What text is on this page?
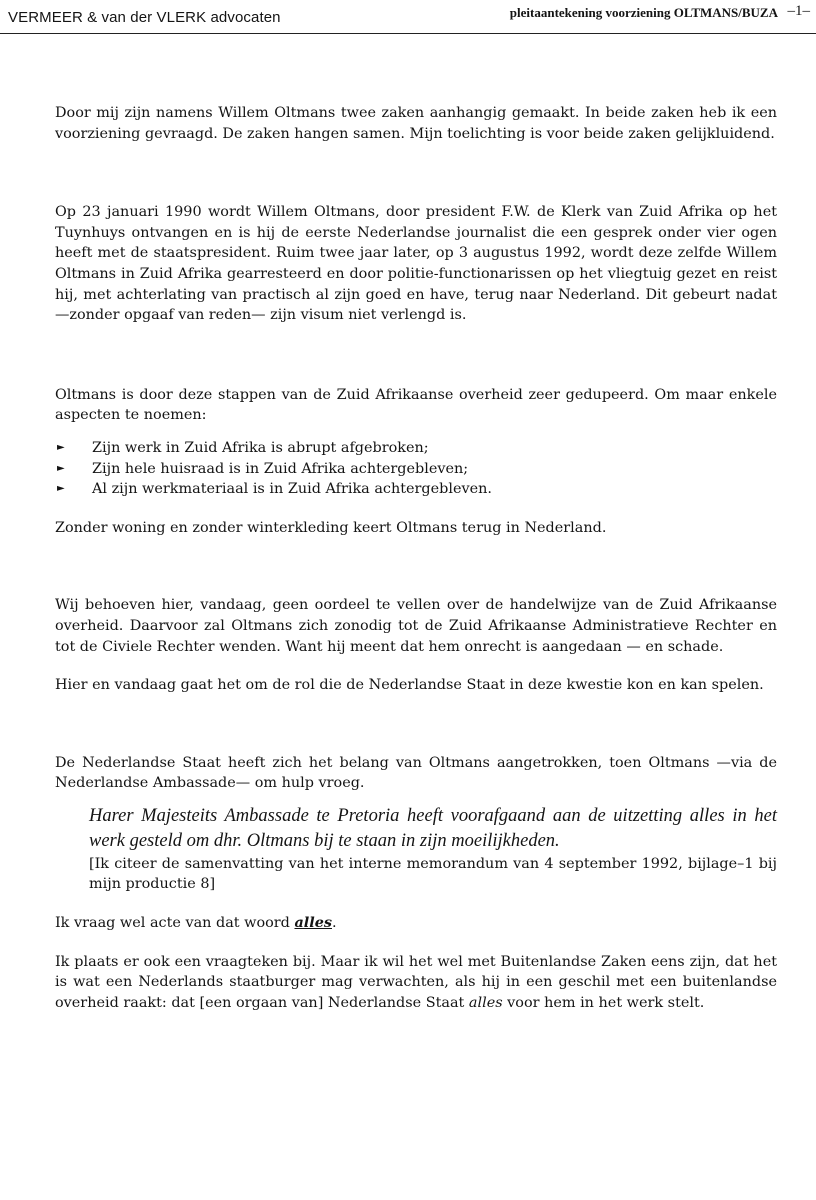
VERMEER & van der VLERK advocaten	pleitaantekening voorziening OLTMANS/BUZA –1–

Door mij zijn namens Willem Oltmans twee zaken aanhangig gemaakt. In beide zaken heb ik een voorziening gevraagd. De zaken hangen samen. Mijn toelichting is voor beide zaken gelijkluidend.

Op 23 januari 1990 wordt Willem Oltmans, door president F.W. de Klerk van Zuid Afrika op het Tuynhuys ontvangen en is hij de eerste Nederlandse journalist die een gesprek onder vier ogen heeft met de staatspresident. Ruim twee jaar later, op 3 augustus 1992, wordt deze zelfde Willem Oltmans in Zuid Afrika gearresteerd en door politie-functionarissen op het vliegtuig gezet en reist hij, met achterlating van practisch al zijn goed en have, terug naar Nederland. Dit gebeurt nadat —zonder opgaaf van reden— zijn visum niet verlengd is.

Oltmans is door deze stappen van de Zuid Afrikaanse overheid zeer gedupeerd. Om maar enkele aspecten te noemen:

► Zijn werk in Zuid Afrika is abrupt afgebroken;
► Zijn hele huisraad is in Zuid Afrika achtergebleven;
► Al zijn werkmateriaal is in Zuid Afrika achtergebleven.

Zonder woning en zonder winterkleding keert Oltmans terug in Nederland.

Wij behoeven hier, vandaag, geen oordeel te vellen over de handelwijze van de Zuid Afrikaanse overheid. Daarvoor zal Oltmans zich zonodig tot de Zuid Afrikaanse Administratieve Rechter en tot de Civiele Rechter wenden. Want hij meent dat hem onrecht is aangedaan — en schade.

Hier en vandaag gaat het om de rol die de Nederlandse Staat in deze kwestie kon en kan spelen.

De Nederlandse Staat heeft zich het belang van Oltmans aangetrokken, toen Oltmans —via de Nederlandse Ambassade— om hulp vroeg.

Harer Majesteits Ambassade te Pretoria heeft voorafgaand aan de uitzetting alles in het werk gesteld om dhr. Oltmans bij te staan in zijn moeilijkheden.

[Ik citeer de samenvatting van het interne memorandum van 4 september 1992, bijlage–1 bij mijn productie 8]

Ik vraag wel acte van dat woord alles.

Ik plaats er ook een vraagteken bij. Maar ik wil het wel met Buitenlandse Zaken eens zijn, dat het is wat een Nederlands staatburger mag verwachten, als hij in een geschil met een buitenlandse overheid raakt: dat [een orgaan van] Nederlandse Staat alles voor hem in het werk stelt.
